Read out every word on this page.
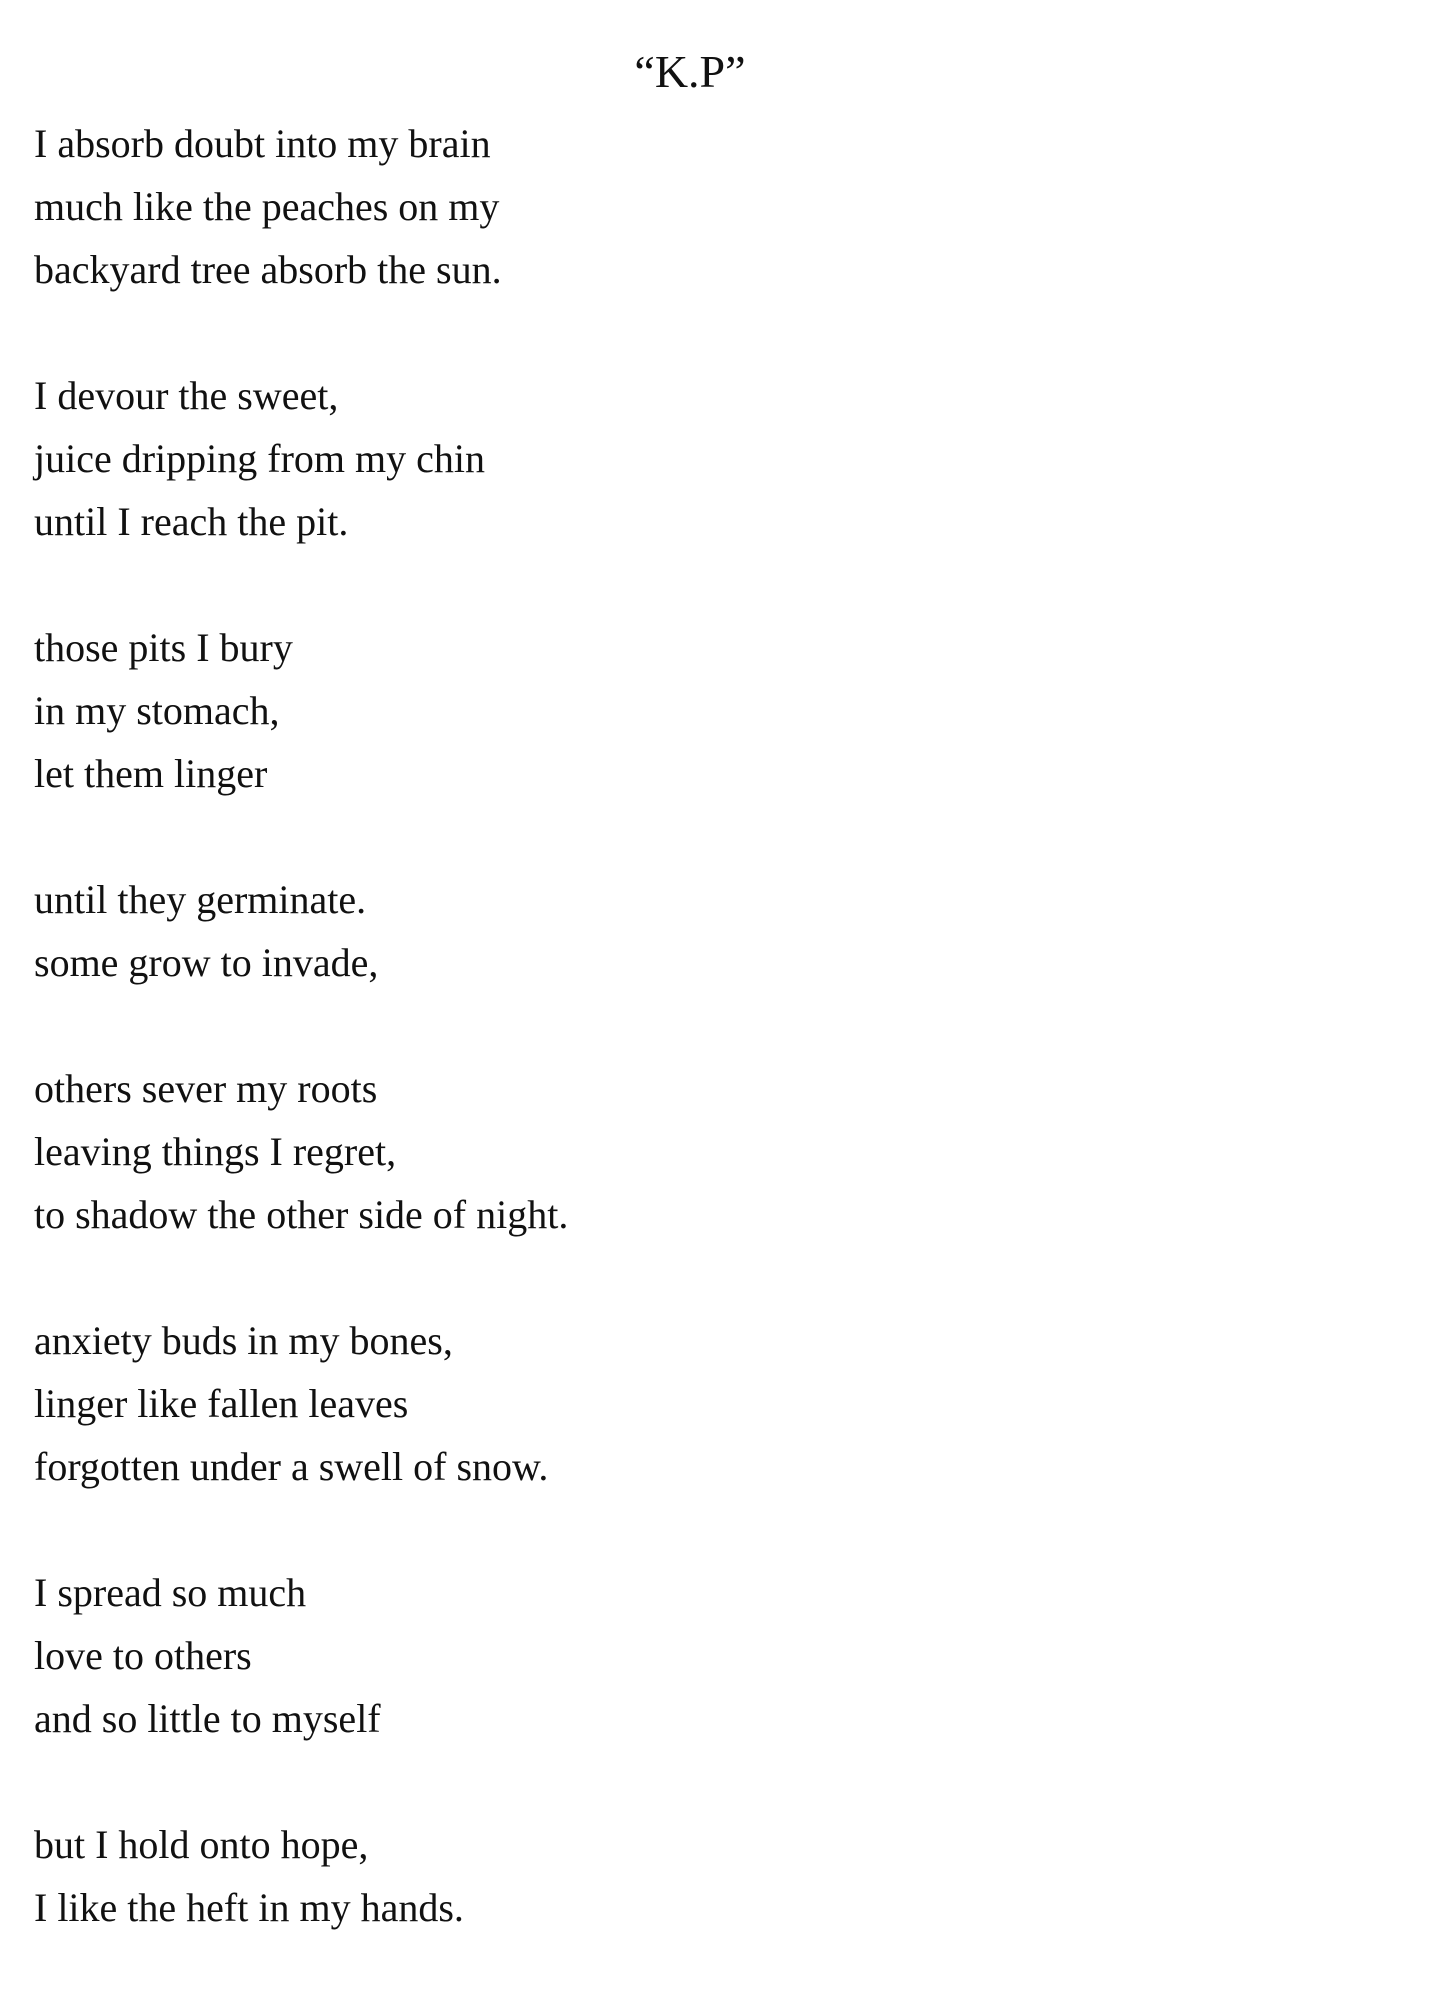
“K.P”
I absorb doubt into my brain
much like the peaches on my
backyard tree absorb the sun.
I devour the sweet,
juice dripping from my chin
until I reach the pit.
those pits I bury
in my stomach,
let them linger
until they germinate.
some grow to invade,
others sever my roots
leaving things I regret,
to shadow the other side of night.
anxiety buds in my bones,
linger like fallen leaves
forgotten under a swell of snow.
I spread so much
love to others
and so little to myself
but I hold onto hope,
I like the heft in my hands.
